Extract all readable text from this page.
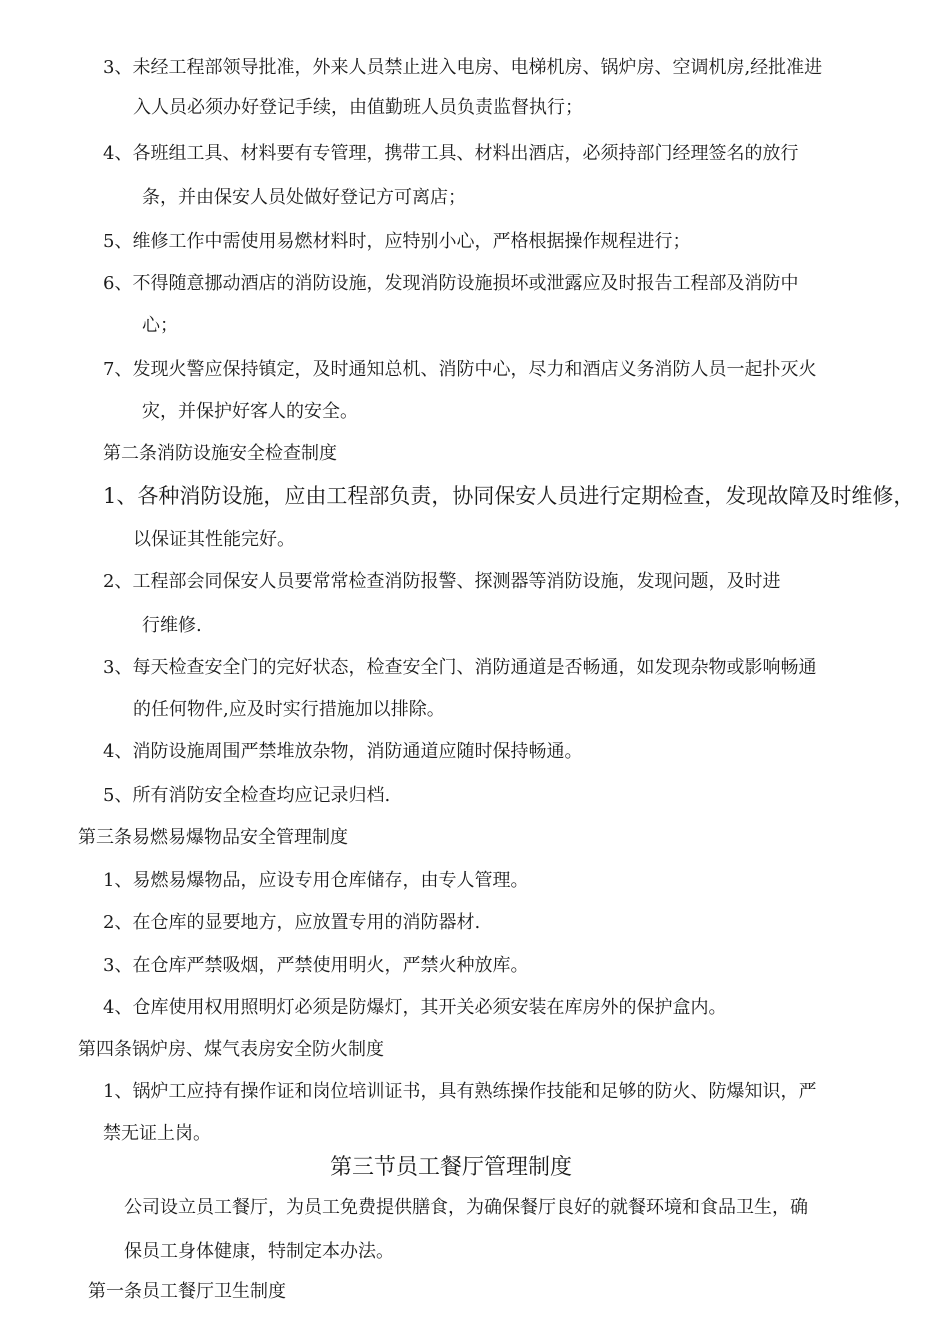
3、未经工程部领导批准，外来人员禁止进入电房、电梯机房、锅炉房、空调机房,经批准进
入人员必须办好登记手续，由值勤班人员负责监督执行；
4、各班组工具、材料要有专管理，携带工具、材料出酒店，必须持部门经理签名的放行
条，并由保安人员处做好登记方可离店；
5、维修工作中需使用易燃材料时，应特别小心，严格根据操作规程进行；
6、不得随意挪动酒店的消防设施，发现消防设施损坏或泄露应及时报告工程部及消防中
心；
7、发现火警应保持镇定，及时通知总机、消防中心，尽力和酒店义务消防人员一起扑灭火
灾，并保护好客人的安全。
第二条消防设施安全检查制度
1、各种消防设施，应由工程部负责，协同保安人员进行定期检查，发现故障及时维修，
以保证其性能完好。
2、工程部会同保安人员要常常检查消防报警、探测器等消防设施，发现问题，及时进
行维修.
3、每天检查安全门的完好状态，检查安全门、消防通道是否畅通，如发现杂物或影响畅通
的任何物件,应及时实行措施加以排除。
4、消防设施周围严禁堆放杂物，消防通道应随时保持畅通。
5、所有消防安全检查均应记录归档.
第三条易燃易爆物品安全管理制度
1、易燃易爆物品，应设专用仓库储存，由专人管理。
2、在仓库的显要地方，应放置专用的消防器材.
3、在仓库严禁吸烟，严禁使用明火，严禁火种放库。
4、仓库使用权用照明灯必须是防爆灯，其开关必须安装在库房外的保护盒内。
第四条锅炉房、煤气表房安全防火制度
1、锅炉工应持有操作证和岗位培训证书，具有熟练操作技能和足够的防火、防爆知识，严
禁无证上岗。
第三节员工餐厅管理制度
公司设立员工餐厅，为员工免费提供膳食，为确保餐厅良好的就餐环境和食品卫生，确
保员工身体健康，特制定本办法。
第一条员工餐厅卫生制度
